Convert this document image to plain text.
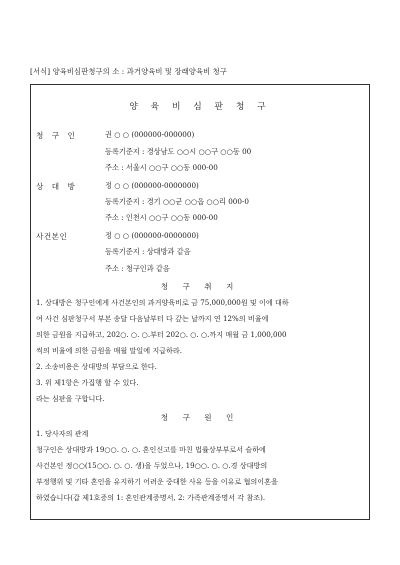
[서식] 양육비심판청구의 소 : 과거양육비 및 장래양육비 청구
양 육 비 심 판 청 구
청 구 인	권 ○ ○ (000000-000000)
등록기준지 : 경상남도 ○○시 ○○구 ○○동 00
주소 : 서울시 ○○구 ○○동 000-00
상 대 방	정 ○ ○ (000000-0000000)
등록기준지 : 경기 ○○군 ○○읍 ○○리 000-0
주소 : 인천시 ○○구 ○○동 000-00
사건본인	정 ○ ○ (000000-0000000)
등록기준지 : 상대방과 같음
주소 : 청구인과 같음
청 구 취 지
1. 상대방은 청구인에게 사건본인의 과거양육비로 금 75,000,000원 및 이에 대하
여 사건 심판청구서 부본 송달 다음날부터 다 갚는 날까지 연 12%의 비율에
의한 금원을 지급하고, 202○. ○. ○.부터 202○. ○. ○.까지 매월 금 1,000,000
씩의 비율에 의한 금원을 매월 말일에 지급하라.
2. 소송비용은 상대방의 부담으로 한다.
3. 위 제1항은 가집행 할 수 있다.
라는 심판을 구합니다.
청 구 원 인
1. 당사자의 관계
청구인은 상대방과 19○○. ○. ○. 혼인신고를 마친 법률상부부로서 슬하에
사건본인 정○○(15○○. ○. ○. 생)을 두었으나, 19○○. ○. ○.경 상대방의
부정행위 및 기타 혼인을 유지하기 어려운 중대한 사유 등을 이유로 협의이혼을
하였습니다(갑 제1호증의 1: 혼인관계증명서, 2: 가족관계증명서 각 참조).
